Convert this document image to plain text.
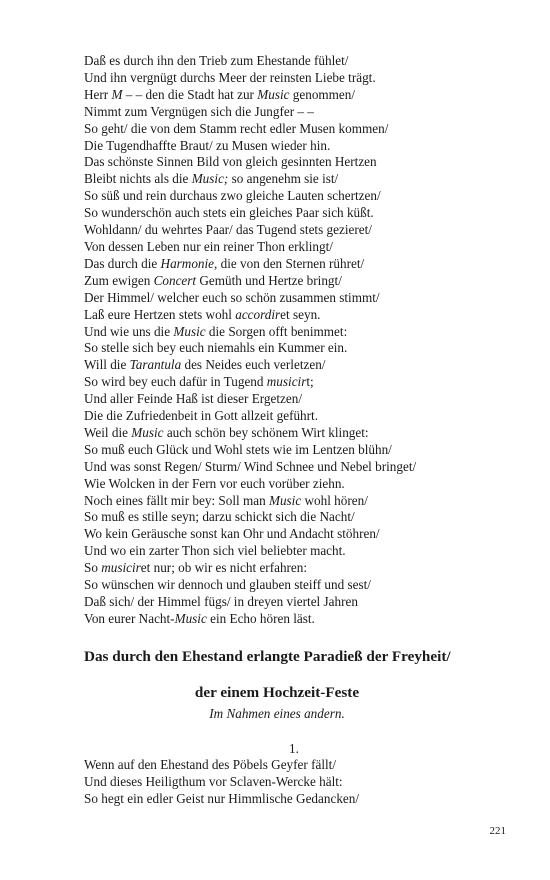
Daß es durch ihn den Trieb zum Ehestande fühlet/
Und ihn vergnügt durchs Meer der reinsten Liebe trägt.
Herr M – – den die Stadt hat zur Music genommen/
Nimmt zum Vergnügen sich die Jungfer – –
So geht/ die von dem Stamm recht edler Musen kommen/
Die Tugendhaffte Braut/ zu Musen wieder hin.
Das schönste Sinnen Bild von gleich gesinnten Hertzen
Bleibt nichts als die Music; so angenehm sie ist/
So süß und rein durchaus zwo gleiche Lauten schertzen/
So wunderschön auch stets ein gleiches Paar sich küßt.
Wohldann/ du wehrtes Paar/ das Tugend stets gezieret/
Von dessen Leben nur ein reiner Thon erklingt/
Das durch die Harmonie, die von den Sternen rühret/
Zum ewigen Concert Gemüth und Hertze bringt/
Der Himmel/ welcher euch so schön zusammen stimmt/
Laß eure Hertzen stets wohl accordiret seyn.
Und wie uns die Music die Sorgen offt benimmet:
So stelle sich bey euch niemahls ein Kummer ein.
Will die Tarantula des Neides euch verletzen/
So wird bey euch dafür in Tugend musicirt;
Und aller Feinde Haß ist dieser Ergetzen/
Die die Zufriedenbeit in Gott allzeit geführt.
Weil die Music auch schön bey schönem Wirt klinget:
So muß euch Glück und Wohl stets wie im Lentzen blühn/
Und was sonst Regen/ Sturm/ Wind Schnee und Nebel bringet/
Wie Wolcken in der Fern vor euch vorüber ziehn.
Noch eines fällt mir bey: Soll man Music wohl hören/
So muß es stille seyn; darzu schickt sich die Nacht/
Wo kein Geräusche sonst kan Ohr und Andacht stöhren/
Und wo ein zarter Thon sich viel beliebter macht.
So musiciret nur; ob wir es nicht erfahren:
So wünschen wir dennoch und glauben steiff und sest/
Daß sich/ der Himmel fügs/ in dreyen viertel Jahren
Von eurer Nacht-Music ein Echo hören läst.
Das durch den Ehestand erlangte Paradieß der Freyheit/
der einem Hochzeit-Feste
Im Nahmen eines andern.
1.
Wenn auf den Ehestand des Pöbels Geyfer fällt/
Und dieses Heiligthum vor Sclaven-Wercke hält:
So hegt ein edler Geist nur Himmlische Gedancken/
221
